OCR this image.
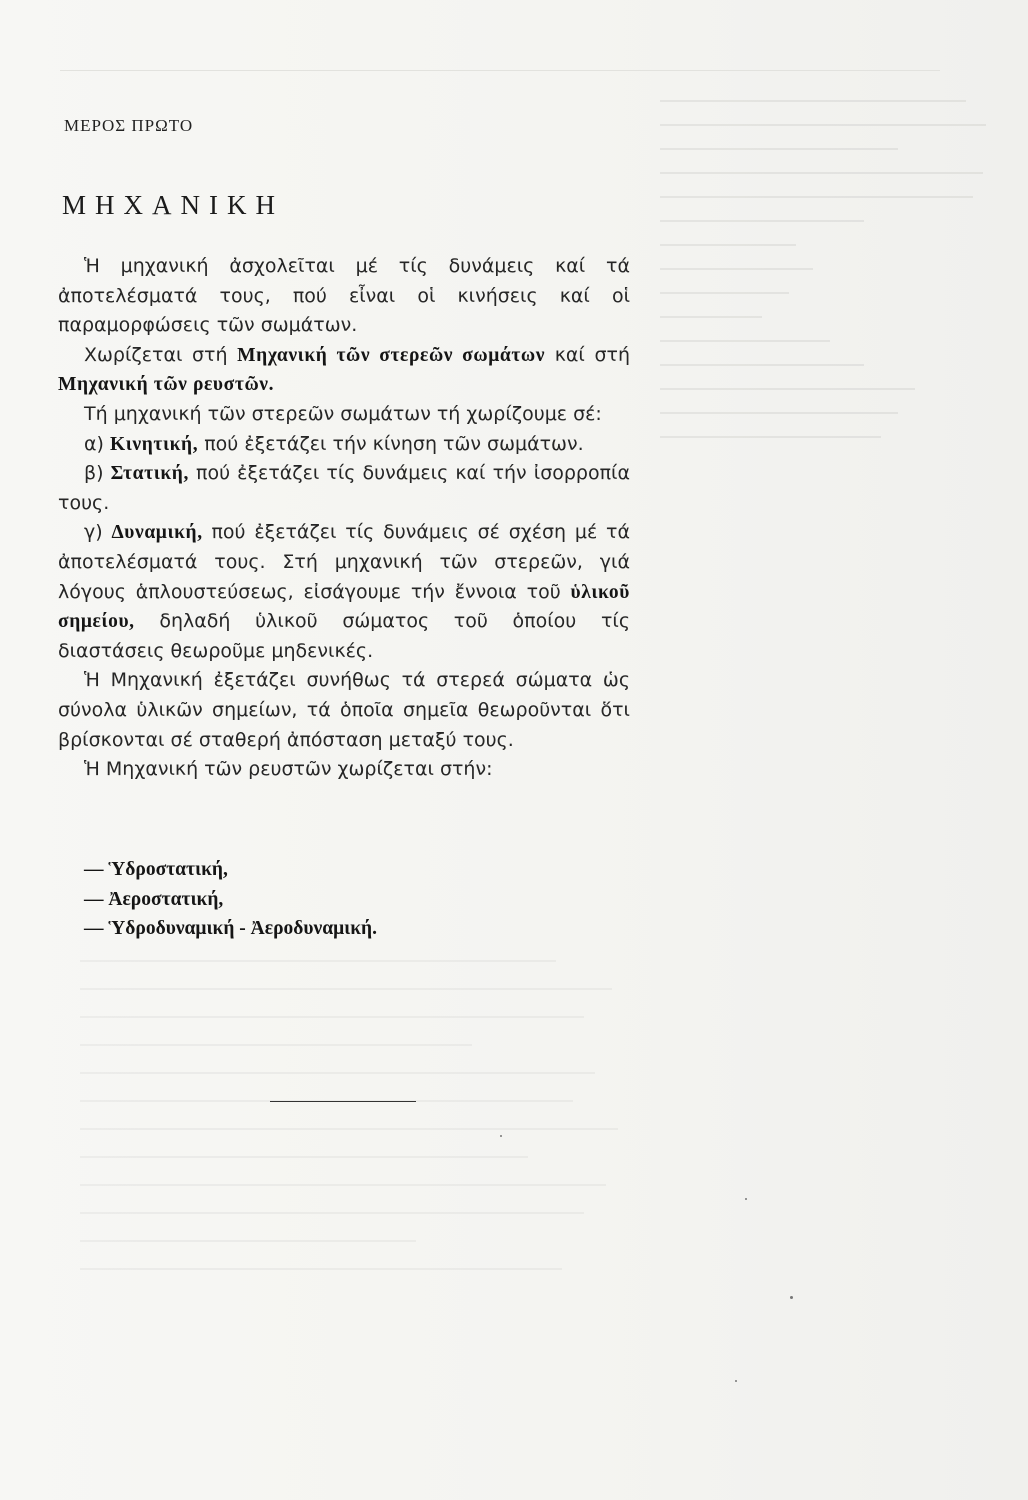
ΜΕΡΟΣ ΠΡΩΤΟ
ΜΗΧΑΝΙΚΗ

Ἡ μηχανική ἀσχολεῖται μέ τίς δυνάμεις καί τά ἀποτελέσματά τους, πού εἶναι οἱ κινήσεις καί οἱ παραμορφώσεις τῶν σωμάτων.

Χωρίζεται στή Μηχανική τῶν στερεῶν σωμάτων καί στή Μηχανική τῶν ρευστῶν.

Τή μηχανική τῶν στερεῶν σωμάτων τή χωρίζουμε σέ:

α) Κινητική, πού ἐξετάζει τήν κίνηση τῶν σωμάτων.

β) Στατική, πού ἐξετάζει τίς δυνάμεις καί τήν ἰσορροπία τους.

γ) Δυναμική, πού ἐξετάζει τίς δυνάμεις σέ σχέση μέ τά ἀποτελέσματά τους. Στή μηχανική τῶν στερεῶν, γιά λόγους ἁπλουστεύσεως, εἰσάγουμε τήν ἔννοια τοῦ ὑλικοῦ σημείου, δηλαδή ὑλικοῦ σώματος τοῦ ὁποίου τίς διαστάσεις θεωροῦμε μηδενικές.

Ἡ Μηχανική ἐξετάζει συνήθως τά στερεά σώματα ὡς σύνολα ὑλικῶν σημείων, τά ὁποῖα σημεῖα θεωροῦνται ὅτι βρίσκονται σέ σταθερή ἀπόσταση μεταξύ τους.

Ἡ Μηχανική τῶν ρευστῶν χωρίζεται στήν:

— Ὑδροστατική,
— Ἀεροστατική,
— Ὑδροδυναμική - Ἀεροδυναμική.
